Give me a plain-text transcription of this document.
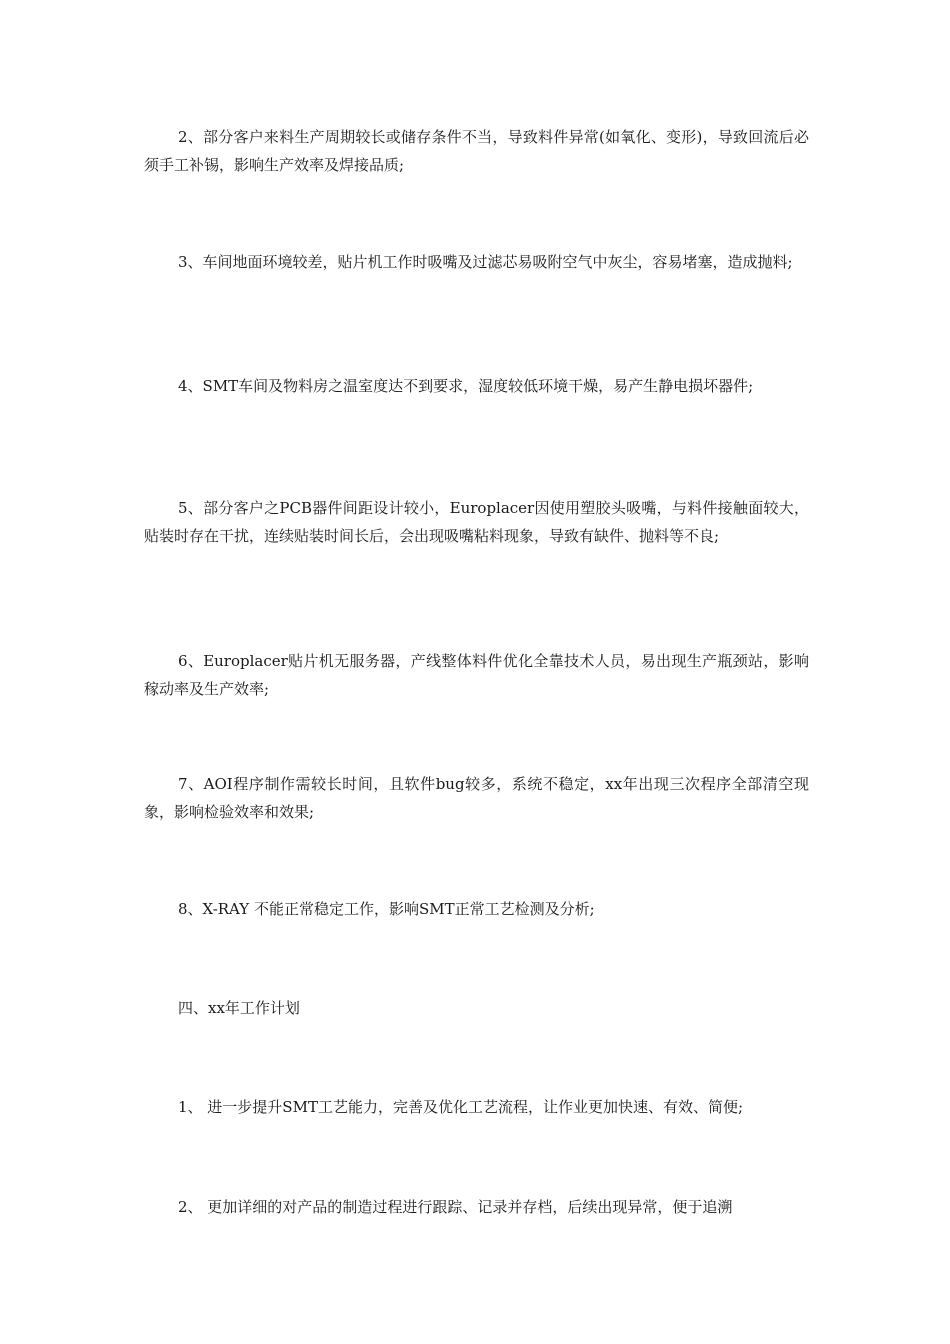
2、部分客户来料生产周期较长或储存条件不当，导致料件异常(如氧化、变形)，导致回流后必须手工补锡，影响生产效率及焊接品质;

3、车间地面环境较差，贴片机工作时吸嘴及过滤芯易吸附空气中灰尘，容易堵塞，造成抛料;

4、SMT车间及物料房之温室度达不到要求，湿度较低环境干燥，易产生静电损坏器件;

5、部分客户之PCB器件间距设计较小，Europlacer因使用塑胶头吸嘴，与料件接触面较大，贴装时存在干扰，连续贴装时间长后，会出现吸嘴粘料现象，导致有缺件、抛料等不良;

6、Europlacer贴片机无服务器，产线整体料件优化全靠技术人员，易出现生产瓶颈站，影响稼动率及生产效率;

7、AOI程序制作需较长时间，且软件bug较多，系统不稳定，xx年出现三次程序全部清空现象，影响检验效率和效果;

8、X-RAY 不能正常稳定工作，影响SMT正常工艺检测及分析;

四、xx年工作计划

1、 进一步提升SMT工艺能力，完善及优化工艺流程，让作业更加快速、有效、简便;

2、 更加详细的对产品的制造过程进行跟踪、记录并存档，后续出现异常，便于追溯
